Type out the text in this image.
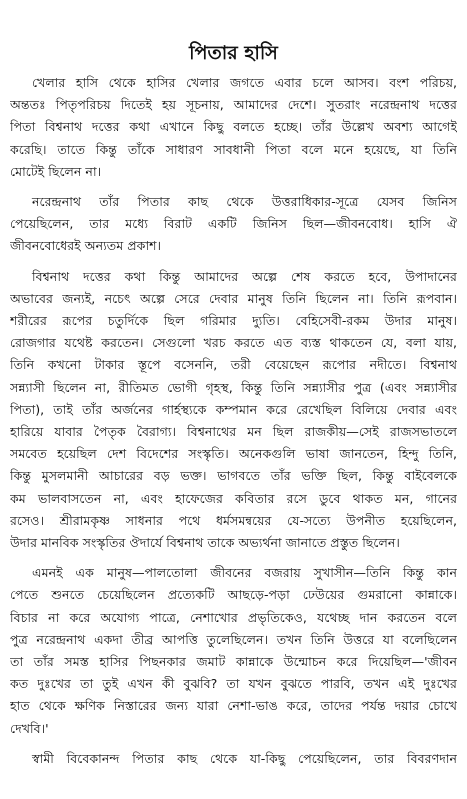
পিতার হাসি
খেলার হাসি থেকে হাসির খেলার জগতে এবার চলে আসব। বংশ পরিচয়,
অন্ততঃ পিতৃপরিচয় দিতেই হয় সূচনায়, আমাদের দেশে। সুতরাং নরেন্দ্রনাথ দত্তের
পিতা বিশ্বনাথ দত্তের কথা এখানে কিছু বলতে হচ্ছে। তাঁর উল্লেখ অবশ্য আগেই
করেছি। তাতে কিন্তু তাঁকে সাধারণ সাবধানী পিতা বলে মনে হয়েছে, যা তিনি
মোটেই ছিলেন না।
নরেন্দ্রনাথ তাঁর পিতার কাছ থেকে উত্তরাধিকার-সূত্রে যেসব জিনিস
পেয়েছিলেন, তার মধ্যে বিরাট একটি জিনিস ছিল—জীবনবোধ। হাসি ঐ
জীবনবোধেরই অন্যতম প্রকাশ।
বিশ্বনাথ দত্তের কথা কিন্তু আমাদের অল্পে শেষ করতে হবে, উপাদানের
অভাবের জন্যই, নচেৎ অল্পে সেরে দেবার মানুষ তিনি ছিলেন না। তিনি রূপবান।
শরীরের রূপের চতুর্দিকে ছিল গরিমার দ্যুতি। বেহিসেবী-রকম উদার মানুষ।
রোজগার যথেষ্ট করতেন। সেগুলো খরচ করতে এত ব্যস্ত থাকতেন যে, বলা যায়,
তিনি কখনো টাকার স্তূপে বসেননি, তরী বেয়েছেন রূপোর নদীতে। বিশ্বনাথ
সন্ন্যাসী ছিলেন না, রীতিমত ভোগী গৃহস্থ, কিন্তু তিনি সন্ন্যাসীর পুত্র (এবং সন্ন্যাসীর
পিতা), তাই তাঁর অর্জনের গার্হস্থ্যকে কম্পমান করে রেখেছিল বিলিয়ে দেবার এবং
হারিয়ে যাবার পৈতৃক বৈরাগ্য। বিশ্বনাথের মন ছিল রাজকীয়—সেই রাজসভাতলে
সমবেত হয়েছিল দেশ বিদেশের সংস্কৃতি। অনেকগুলি ভাষা জানতেন, হিন্দু তিনি,
কিন্তু মুসলমানী আচারের বড় ভক্ত। ভাগবতে তাঁর ভক্তি ছিল, কিন্তু বাইবেলকে
কম ভালবাসতেন না, এবং হাফেজের কবিতার রসে ডুবে থাকত মন, গানের
রসেও। শ্রীরামকৃষ্ণ সাধনার পথে ধর্মসমন্বয়ের যে-সত্যে উপনীত হয়েছিলেন,
উদার মানবিক সংস্কৃতির ঔদার্যে বিশ্বনাথ তাকে অভ্যর্থনা জানাতে প্রস্তুত ছিলেন।
এমনই এক মানুষ—পালতোলা জীবনের বজরায় সুখাসীন—তিনি কিন্তু কান
পেতে শুনতে চেয়েছিলেন প্রত্যেকটি আছড়ে-পড়া ঢেউয়ের গুমরানো কান্নাকে।
বিচার না করে অযোগ্য পাত্রে, নেশাখোর প্রভৃতিকেও, যথেচ্ছ দান করতেন বলে
পুত্র নরেন্দ্রনাথ একদা তীব্র আপত্তি তুলেছিলেন। তখন তিনি উত্তরে যা বলেছিলেন
তা তাঁর সমস্ত হাসির পিছনকার জমাট কান্নাকে উন্মোচন করে দিয়েছিল—'জীবন
কত দুঃখের তা তুই এখন কী বুঝবি? তা যখন বুঝতে পারবি, তখন এই দুঃখের
হাত থেকে ক্ষণিক নিস্তারের জন্য যারা নেশা-ভাঙ করে, তাদের পর্যন্ত দয়ার চোখে
দেখবি।'
স্বামী বিবেকানন্দ পিতার কাছ থেকে যা-কিছু পেয়েছিলেন, তার বিবরণদান
